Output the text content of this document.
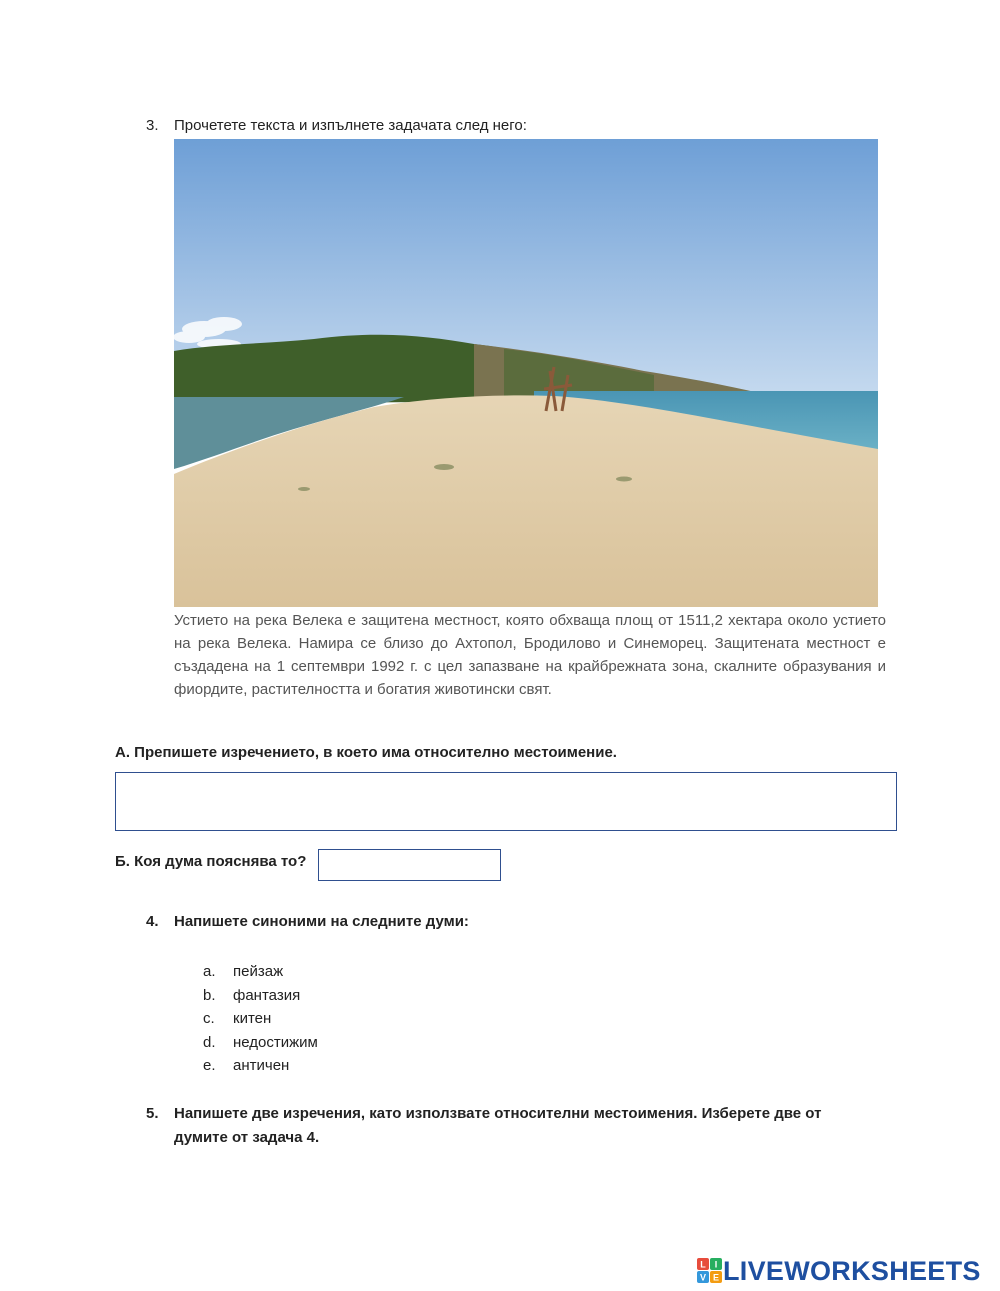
3. Прочетете текста и изпълнете задачата след него:
Устието на река Велека е защитена местност, която обхваща площ от 1511,2 хектара около устието на река Велека. Намира се близо до Ахтопол, Бродилово и Синеморец. Защитената местност е създадена на 1 септември 1992 г. с цел запазване на крайбрежната зона, скалните образувания и фиордите, растителността и богатия животински свят.
А. Препишете изречението, в което има относително местоимение.
Б. Коя дума пояснява то?
4. Напишете синоними на следните думи:
a. пейзаж
b. фантазия
c. китен
d. недостижим
e. античен
5. Напишете две изречения, като използвате относителни местоимения. Изберете две от
думите от задача 4.
L I
V E LIVEWORKSHEETS
